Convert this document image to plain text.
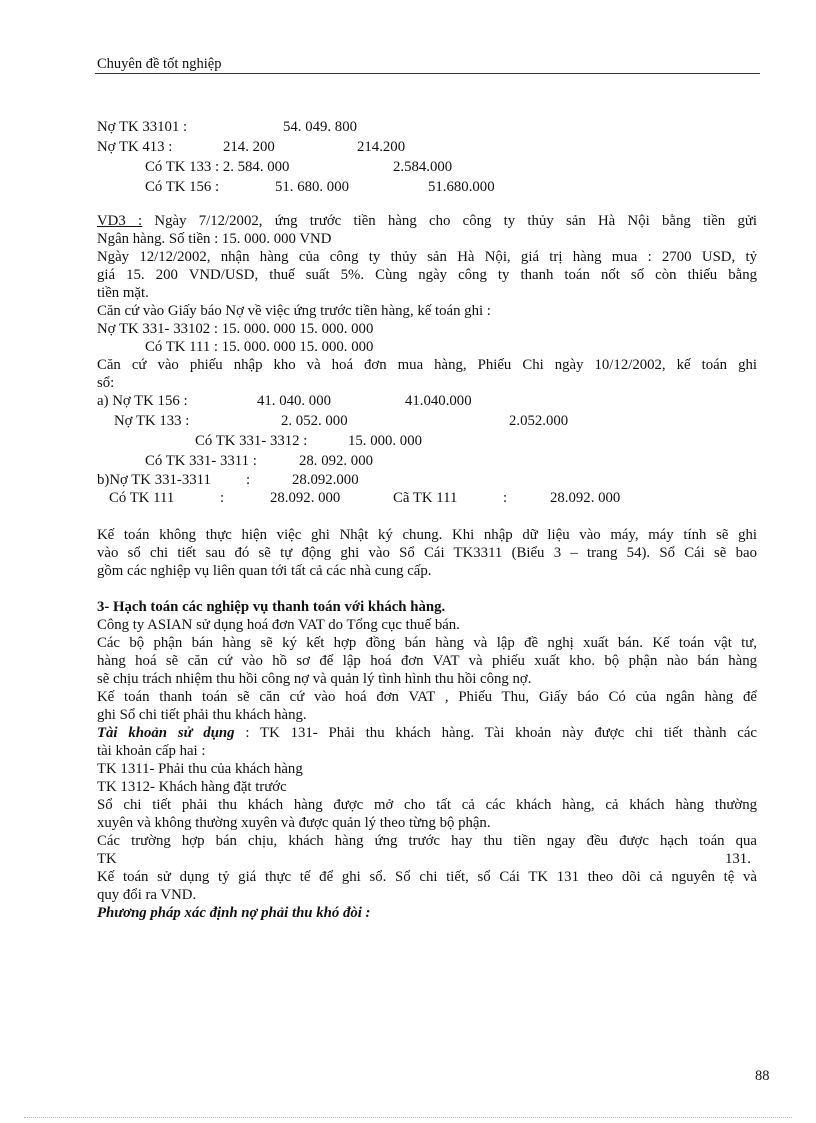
Chuyên đề tốt nghiệp
Nợ TK 33101 :	54. 049. 800
Nợ TK 413 :	214. 200	214.200
Có TK 133 : 2. 584. 000	2.584.000
Có TK 156 :	51. 680. 000	51.680.000
VD3 : Ngày 7/12/2002, ứng trước tiền hàng cho công ty thủy sản Hà Nội bằng tiền gửi
Ngân hàng. Số tiền : 15. 000. 000 VND
Ngày 12/12/2002, nhận hàng của công ty thủy sản Hà Nội, giá trị hàng mua : 2700 USD, tỷ
giá 15. 200 VND/USD, thuế suất 5%. Cùng ngày công ty thanh toán nốt số còn thiếu bằng
tiền mặt.
Căn cứ vào Giấy báo Nợ về việc ứng trước tiền hàng, kế toán ghi :
Nợ TK 331- 33102 : 15. 000. 000 15. 000. 000
Có TK 111 : 15. 000. 000 15. 000. 000
Căn cứ vào phiếu nhập kho và hoá đơn mua hàng, Phiếu Chi ngày 10/12/2002, kế toán ghi
sổ:
a) Nợ TK 156 :	41. 040. 000	41.040.000
Nợ TK 133 :	2. 052. 000	2.052.000
Có TK 331- 3312 :	15. 000. 000
Có TK 331- 3311 :	28. 092. 000
b)Nợ TK 331-3311 :	28.092.000
Có TK 111	:	28.092. 000	Cã TK 111	:	28.092. 000
Kế toán không thực hiện việc ghi Nhật ký chung. Khi nhập dữ liệu vào máy, máy tính sẽ ghi
vào sổ chi tiết sau đó sẽ tự động ghi vào Sổ Cái TK3311 (Biểu 3 – trang 54). Sổ Cái sẽ bao
gồm các nghiệp vụ liên quan tới tất cả các nhà cung cấp.
3- Hạch toán các nghiệp vụ thanh toán với khách hàng.
Công ty ASIAN sử dụng hoá đơn VAT do Tổng cục thuế bán.
Các bộ phận bán hàng sẽ ký kết hợp đồng bán hàng và lập đề nghị xuất bán. Kế toán vật tư,
hàng hoá sẽ căn cứ vào hồ sơ để lập hoá đơn VAT và phiếu xuất kho. bộ phận nào bán hàng
sẽ chịu trách nhiệm thu hồi công nợ và quản lý tình hình thu hồi công nợ.
Kế toán thanh toán sẽ căn cứ vào hoá đơn VAT , Phiếu Thu, Giấy báo Có của ngân hàng để
ghi Sổ chi tiết phải thu khách hàng.
Tài khoản sử dụng : TK 131- Phải thu khách hàng. Tài khoản này được chi tiết thành các
tài khoản cấp hai :
TK 1311- Phải thu của khách hàng
TK 1312- Khách hàng đặt trước
Sổ chi tiết phải thu khách hàng được mở cho tất cả các khách hàng, cả khách hàng thường
xuyên và không thường xuyên và được quản lý theo từng bộ phận.
Các trường hợp bán chịu, khách hàng ứng trước hay thu tiền ngay đều được hạch toán qua
TK	131.
Kế toán sử dụng tỷ giá thực tế để ghi sổ. Sổ chi tiết, sổ Cái TK 131 theo dõi cả nguyên tệ và
quy đổi ra VND.
Phương pháp xác định nợ phải thu khó đòi :
88
